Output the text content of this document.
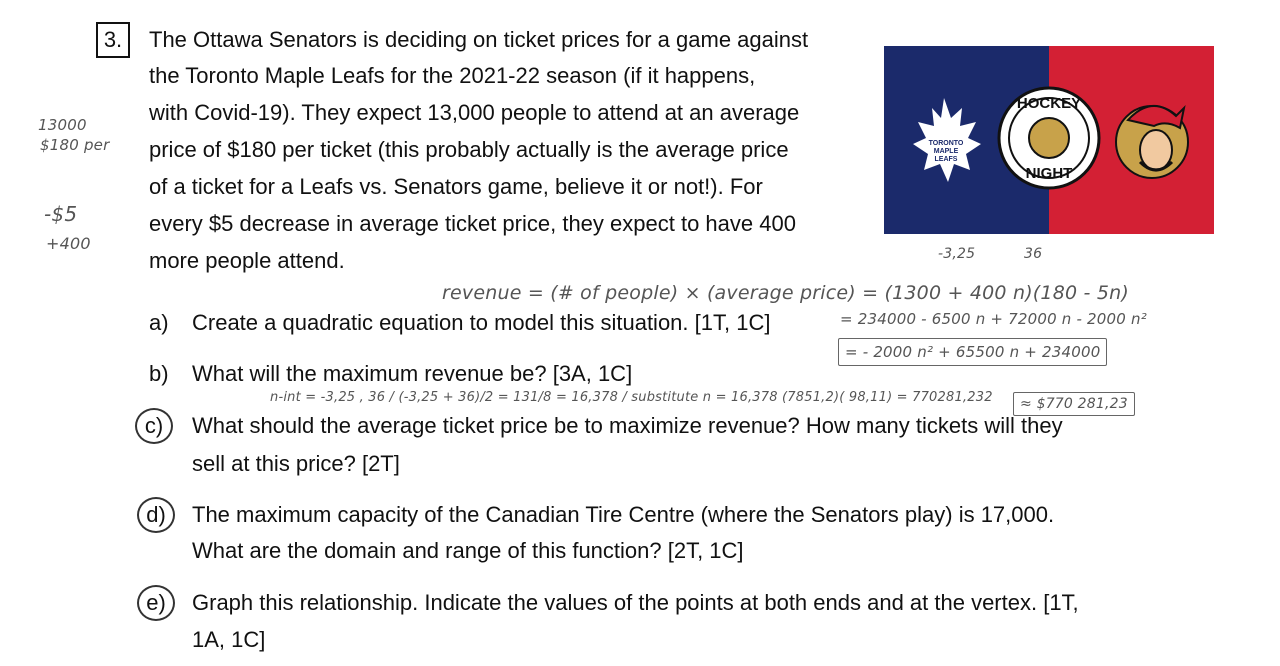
3.	The Ottawa Senators is deciding on ticket prices for a game against
the Toronto Maple Leafs for the 2021-22 season (if it happens,
with Covid-19). They expect 13,000 people to attend at an average
price of $180 per ticket (this probably actually is the average price
of a ticket for a Leafs vs. Senators game, believe it or not!). For
every $5 decrease in average ticket price, they expect to have 400
more people attend.
13000
$180 per
-$5
+400
-3,25	36
revenue = (# of people) × (average price) = (1300 + 400 n)(180 - 5n)
a) Create a quadratic equation to model this situation. [1T, 1C]	= 234000 - 6500 n + 72000 n - 2000 n²
= - 2000 n² + 65500 n + 234000
b) What will the maximum revenue be? [3A, 1C]
n-int = -3,25 , 36 / (-3,25 + 36)/2 = 131/8 = 16,378 / substitute n = 16,378 (7851,2)( 98,11) = 770281,232	≈ $770 281,23
c)	What should the average ticket price be to maximize revenue? How many tickets will they
sell at this price? [2T]
d)	The maximum capacity of the Canadian Tire Centre (where the Senators play) is 17,000.
What are the domain and range of this function? [2T, 1C]
e)	Graph this relationship. Indicate the values of the points at both ends and at the vertex. [1T,
1A, 1C]
TORONTO
MAPLE
LEAFS
HOCKEY
NIGHT
